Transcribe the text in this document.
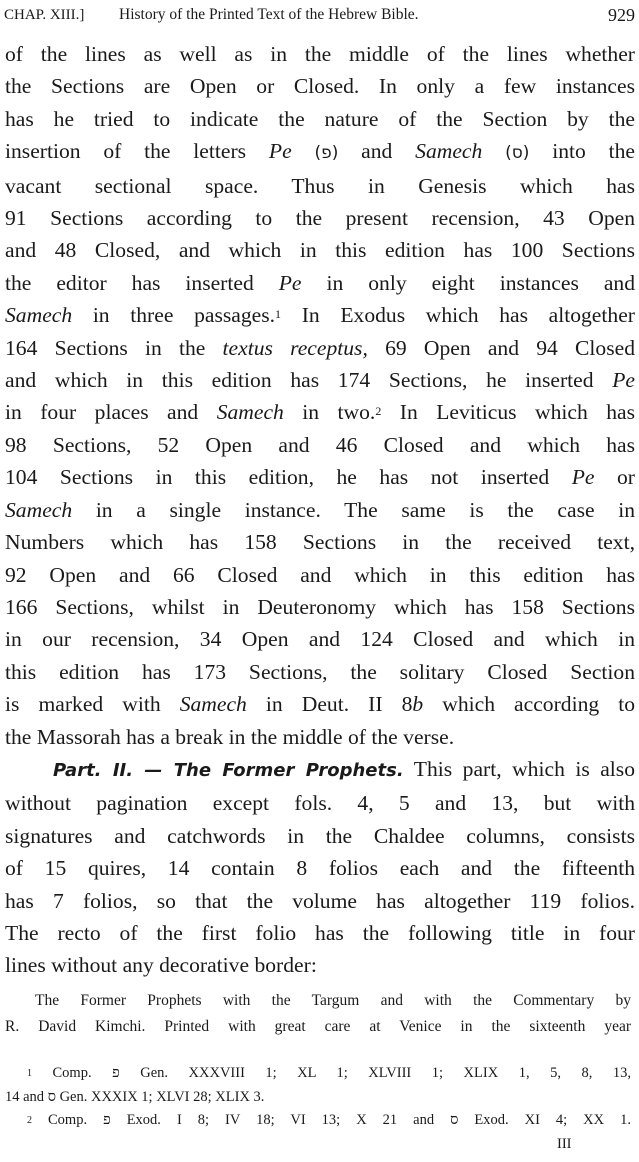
CHAP. XIII.] History of the Printed Text of the Hebrew Bible.	929
of the lines as well as in the middle of the lines whether
the Sections are Open or Closed. In only a few instances
has he tried to indicate the nature of the Section by the
insertion of the letters Pe (פ) and Samech (ס) into the
vacant sectional space. Thus in Genesis which has
91 Sections according to the present recension, 43 Open
and 48 Closed, and which in this edition has 100 Sections
the editor has inserted Pe in only eight instances and
Samech in three passages.$^1$ In Exodus which has altogether
164 Sections in the textus receptus, 69 Open and 94 Closed
and which in this edition has 174 Sections, he inserted Pe
in four places and Samech in two.$^2$ In Leviticus which has
98 Sections, 52 Open and 46 Closed and which has
104 Sections in this edition, he has not inserted Pe or
Samech in a single instance. The same is the case in
Numbers which has 158 Sections in the received text,
92 Open and 66 Closed and which in this edition has
166 Sections, whilst in Deuteronomy which has 158 Sections
in our recension, 34 Open and 124 Closed and which in
this edition has 173 Sections, the solitary Closed Section
is marked with Samech in Deut. II 8b which according to
the Massorah has a break in the middle of the verse.
Part. II. — The Former Prophets. This part, which is also
without pagination except fols. 4, 5 and 13, but with
signatures and catchwords in the Chaldee columns, consists
of 15 quires, 14 contain 8 folios each and the fifteenth
has 7 folios, so that the volume has altogether 119 folios.
The recto of the first folio has the following title in four
lines without any decorative border:
The Former Prophets with the Targum and with the Commentary by
R. David Kimchi. Printed with great care at Venice in the sixteenth year
$^1$ Comp. פ Gen. XXXVIII 1; XL 1; XLVIII 1; XLIX 1, 5, 8, 13,
14 and ס Gen. XXXIX 1; XLVI 28; XLIX 3.
$^2$ Comp. פ Exod. I 8; IV 18; VI 13; X 21 and ס Exod. XI 4; XX 1.
III
